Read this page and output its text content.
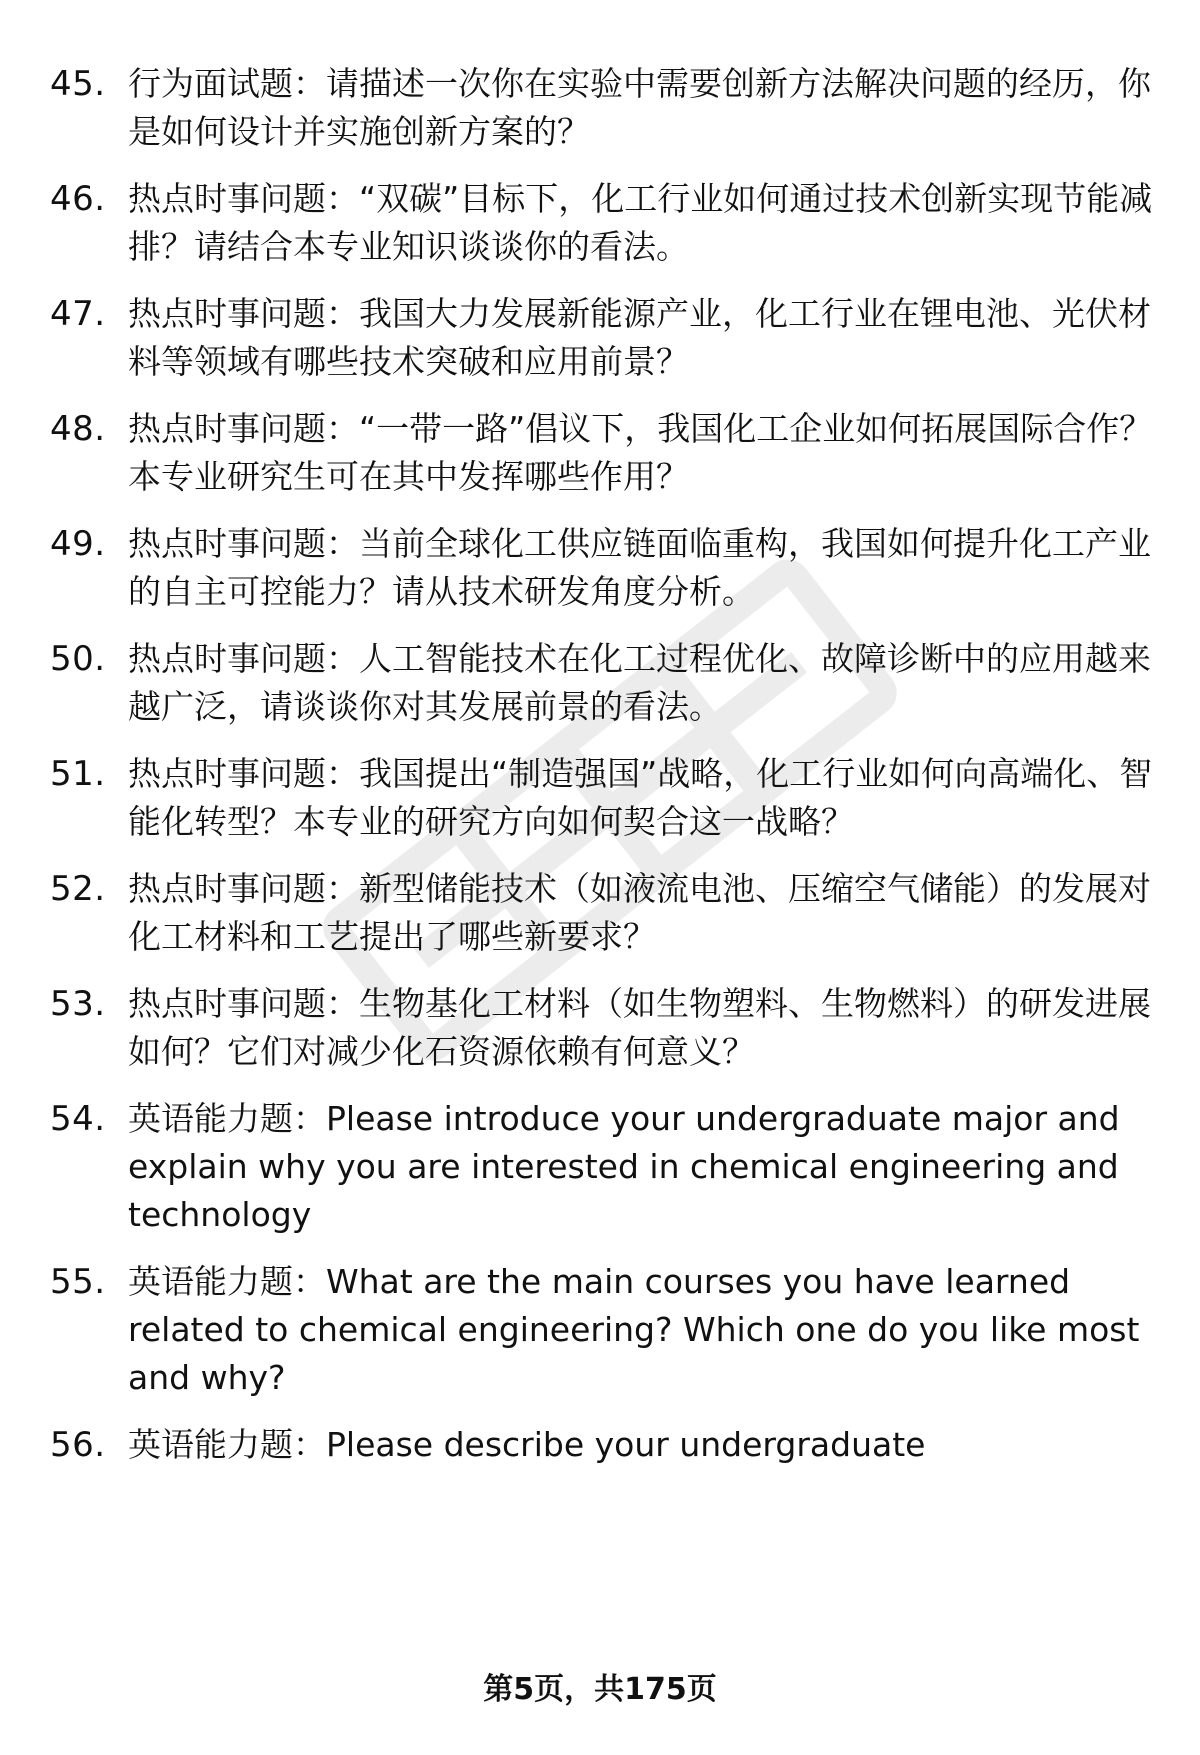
45. 行为面试题：请描述一次你在实验中需要创新方法解决问题的经历，你是如何设计并实施创新方案的？
46. 热点时事问题：“双碳”目标下，化工行业如何通过技术创新实现节能减排？请结合本专业知识谈谈你的看法。
47. 热点时事问题：我国大力发展新能源产业，化工行业在锂电池、光伏材料等领域有哪些技术突破和应用前景？
48. 热点时事问题：“一带一路”倡议下，我国化工企业如何拓展国际合作？本专业研究生可在其中发挥哪些作用？
49. 热点时事问题：当前全球化工供应链面临重构，我国如何提升化工产业的自主可控能力？请从技术研发角度分析。
50. 热点时事问题：人工智能技术在化工过程优化、故障诊断中的应用越来越广泛，请谈谈你对其发展前景的看法。
51. 热点时事问题：我国提出“制造强国”战略，化工行业如何向高端化、智能化转型？本专业的研究方向如何契合这一战略？
52. 热点时事问题：新型储能技术（如液流电池、压缩空气储能）的发展对化工材料和工艺提出了哪些新要求？
53. 热点时事问题：生物基化工材料（如生物塑料、生物燃料）的研发进展如何？它们对减少化石资源依赖有何意义？
54. 英语能力题：Please introduce your undergraduate major and explain why you are interested in chemical engineering and technology
55. 英语能力题：What are the main courses you have learned related to chemical engineering? Which one do you like most and why?
56. 英语能力题：Please describe your undergraduate
第5页，共175页
